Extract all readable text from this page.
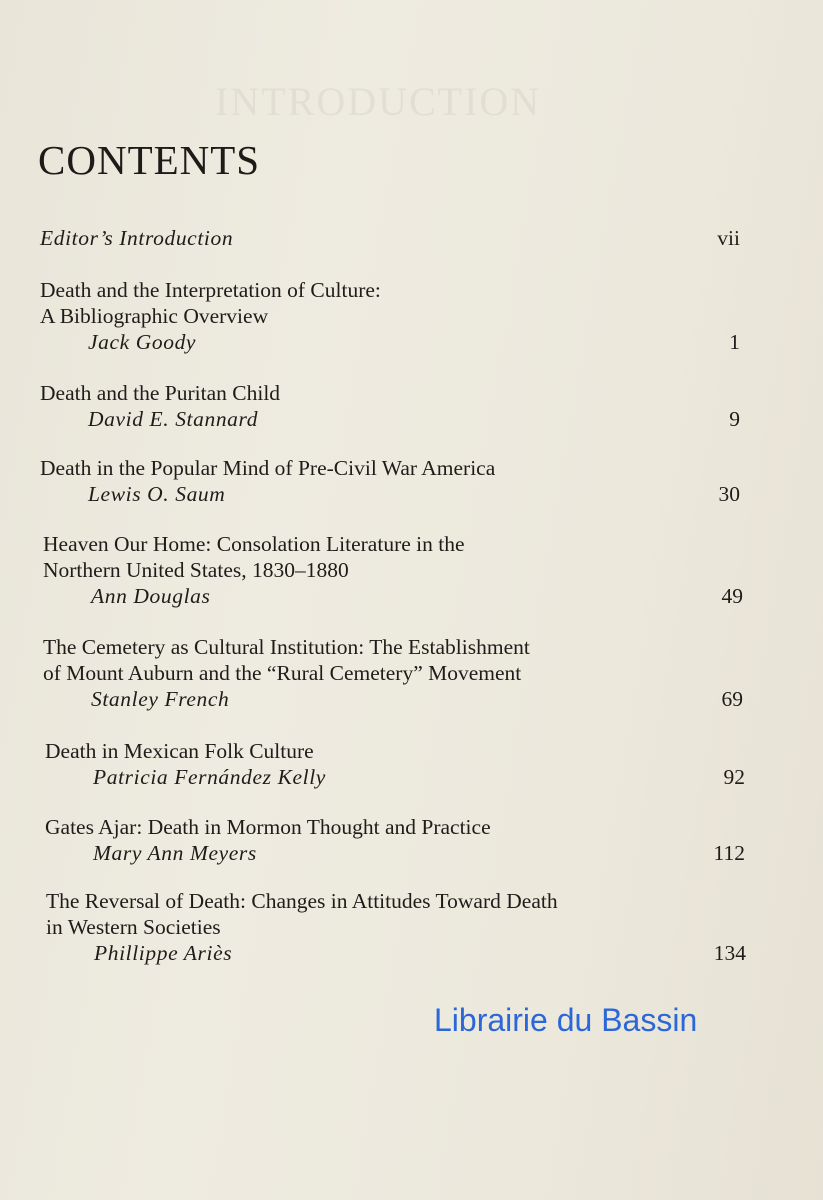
INTRODUCTION
CONTENTS
Editor’s Introduction	vii
Death and the Interpretation of Culture:
A Bibliographic Overview
Jack Goody	1
Death and the Puritan Child
David E. Stannard	9
Death in the Popular Mind of Pre-Civil War America
Lewis O. Saum	30
Heaven Our Home: Consolation Literature in the
Northern United States, 1830–1880
Ann Douglas	49
The Cemetery as Cultural Institution: The Establishment
of Mount Auburn and the “Rural Cemetery” Movement
Stanley French	69
Death in Mexican Folk Culture
Patricia Fernández Kelly	92
Gates Ajar: Death in Mormon Thought and Practice
Mary Ann Meyers	112
The Reversal of Death: Changes in Attitudes Toward Death
in Western Societies
Phillippe Ariès	134
Librairie du Bassin
